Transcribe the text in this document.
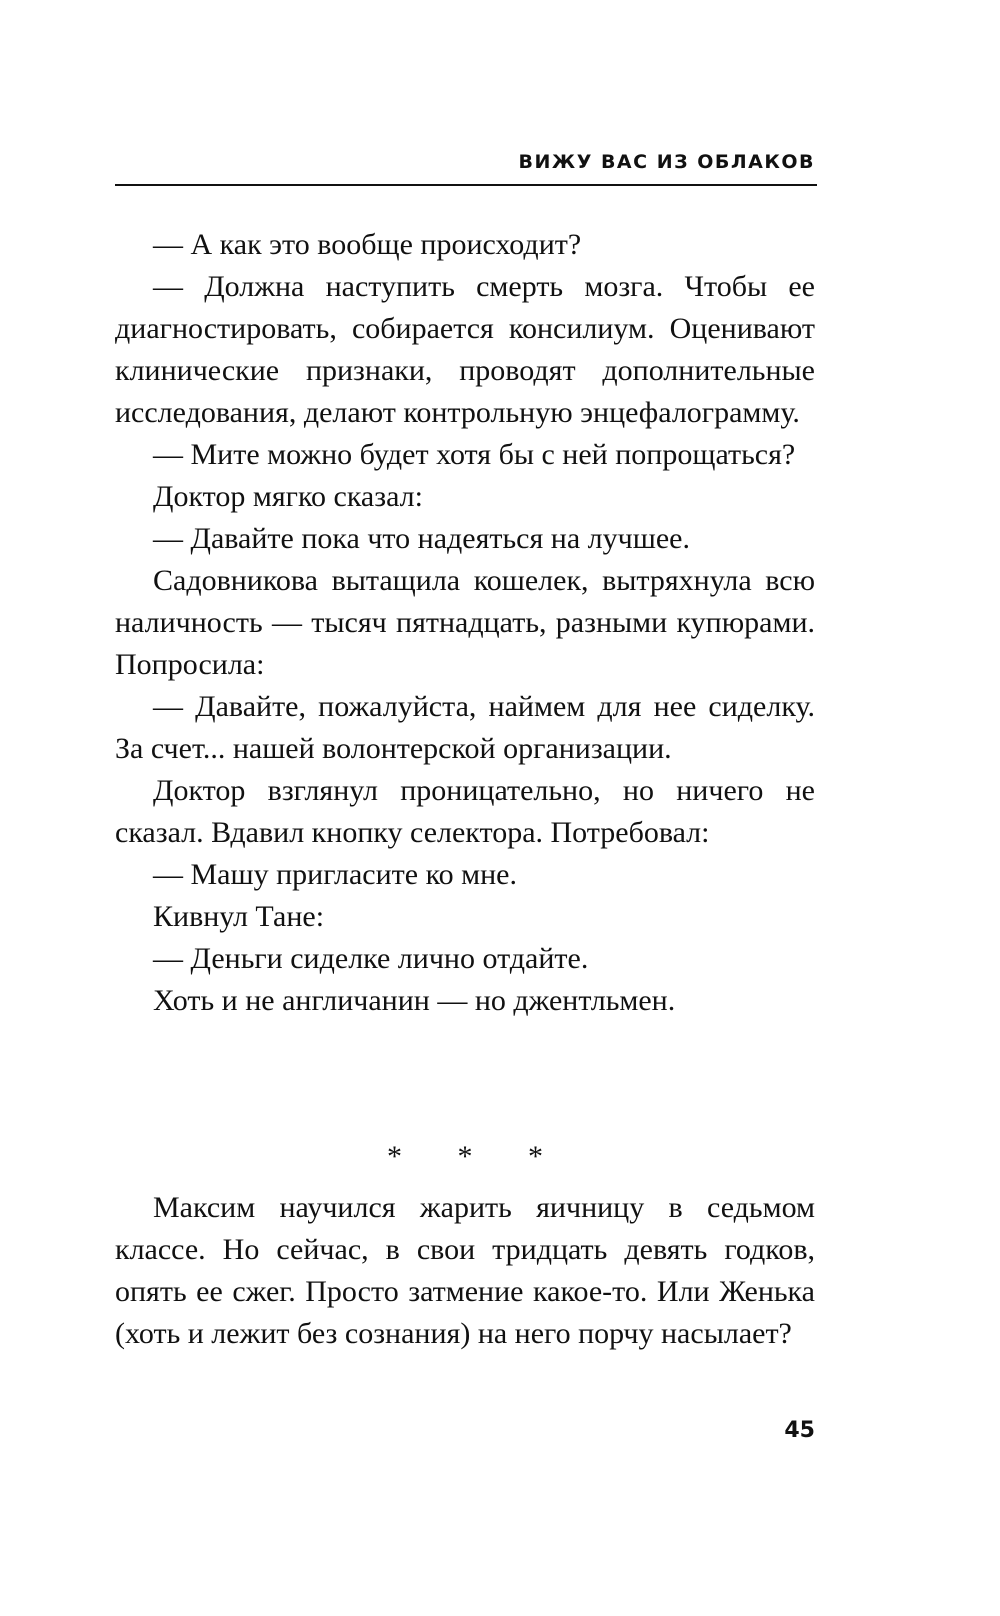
ВИЖУ ВАС ИЗ ОБЛАКОВ

— А как это вообще происходит?

— Должна наступить смерть мозга. Чтобы ее диагностировать, собирается консилиум. Оценивают клинические признаки, проводят дополнительные исследования, делают контрольную энцефалограмму.

— Мите можно будет хотя бы с ней попрощаться?

Доктор мягко сказал:

— Давайте пока что надеяться на лучшее.

Садовникова вытащила кошелек, вытряхнула всю наличность — тысяч пятнадцать, разными купюрами. Попросила:

— Давайте, пожалуйста, наймем для нее сиделку. За счет... нашей волонтерской организации.

Доктор взглянул проницательно, но ничего не сказал. Вдавил кнопку селектора. Потребовал:

— Машу пригласите ко мне.

Кивнул Тане:

— Деньги сиделке лично отдайте.

Хоть и не англичанин — но джентльмен.

* * *

Максим научился жарить яичницу в седьмом классе. Но сейчас, в свои тридцать девять годков, опять ее сжег. Просто затмение какое-то. Или Женька (хоть и лежит без сознания) на него порчу насылает?

45
